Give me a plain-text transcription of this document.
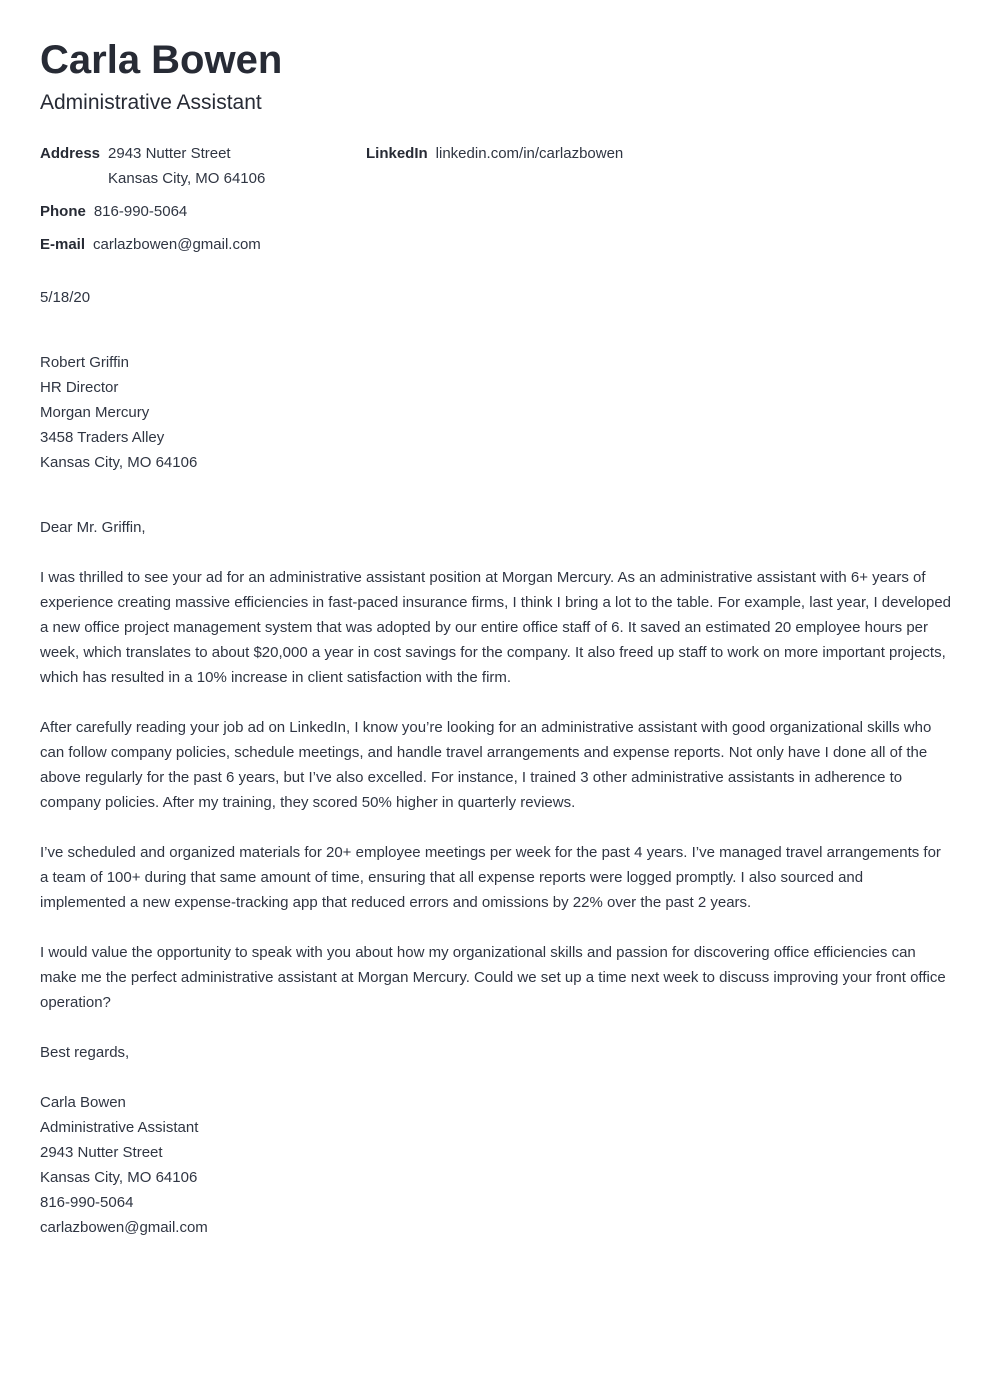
Carla Bowen
Administrative Assistant
Address 2943 Nutter Street
Kansas City, MO 64106
LinkedIn linkedin.com/in/carlazbowen
Phone 816-990-5064
E-mail carlazbowen@gmail.com
5/18/20
Robert Griffin
HR Director
Morgan Mercury
3458 Traders Alley
Kansas City, MO 64106
Dear Mr. Griffin,

I was thrilled to see your ad for an administrative assistant position at Morgan Mercury. As an administrative assistant with 6+ years of experience creating massive efficiencies in fast-paced insurance firms, I think I bring a lot to the table. For example, last year, I developed a new office project management system that was adopted by our entire office staff of 6. It saved an estimated 20 employee hours per week, which translates to about $20,000 a year in cost savings for the company. It also freed up staff to work on more important projects, which has resulted in a 10% increase in client satisfaction with the firm.

After carefully reading your job ad on LinkedIn, I know you’re looking for an administrative assistant with good organizational skills who can follow company policies, schedule meetings, and handle travel arrangements and expense reports. Not only have I done all of the above regularly for the past 6 years, but I’ve also excelled. For instance, I trained 3 other administrative assistants in adherence to company policies. After my training, they scored 50% higher in quarterly reviews.

I’ve scheduled and organized materials for 20+ employee meetings per week for the past 4 years. I’ve managed travel arrangements for a team of 100+ during that same amount of time, ensuring that all expense reports were logged promptly. I also sourced and implemented a new expense-tracking app that reduced errors and omissions by 22% over the past 2 years.

I would value the opportunity to speak with you about how my organizational skills and passion for discovering office efficiencies can make me the perfect administrative assistant at Morgan Mercury. Could we set up a time next week to discuss improving your front office operation?

Best regards,
Carla Bowen
Administrative Assistant
2943 Nutter Street
Kansas City, MO 64106
816-990-5064
carlazbowen@gmail.com
